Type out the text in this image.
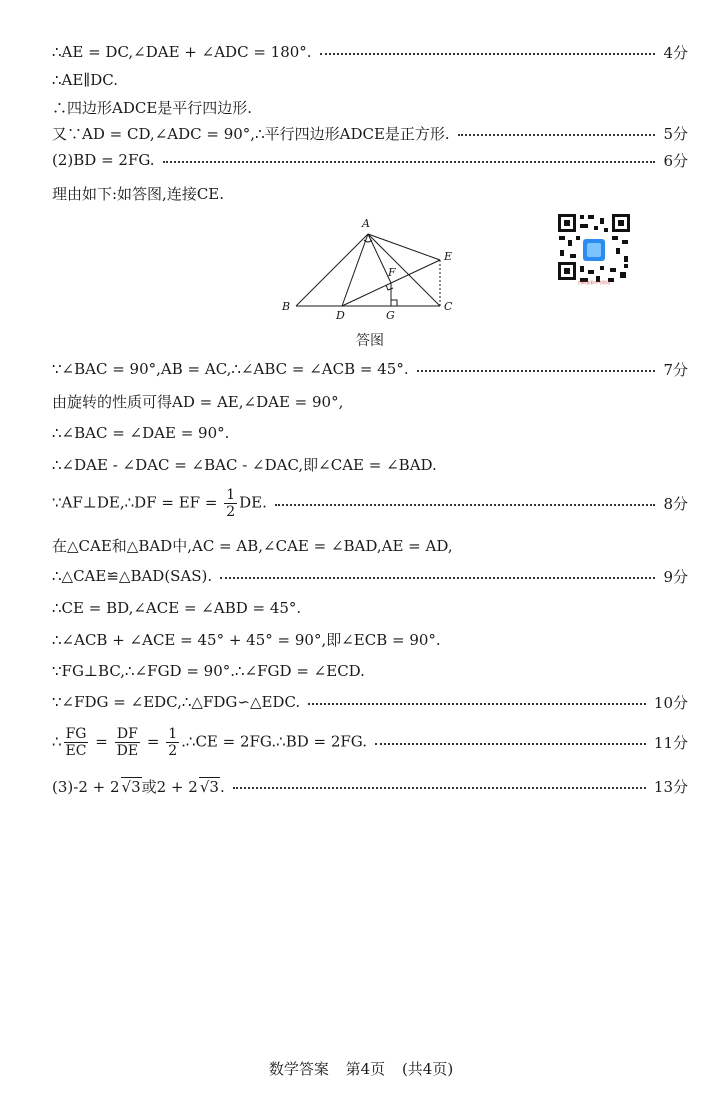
∴AE = DC,∠DAE + ∠ADC = 180°.	4分
∴AE∥DC.
∴四边形ADCE是平行四边形.
又∵AD = CD,∠ADC = 90°,∴平行四边形ADCE是正方形.	5分
(2)BD = 2FG.	6分
理由如下:如答图,连接CE.
A
B	C
D
E
F
G
答图
扫码查看中考资讯
∵∠BAC = 90°,AB = AC,∴∠ABC = ∠ACB = 45°.	7分
由旋转的性质可得AD = AE,∠DAE = 90°,
∴∠BAC = ∠DAE = 90°.
∴∠DAE - ∠DAC = ∠BAC - ∠DAC,即∠CAE = ∠BAD.
∵AF⊥DE,∴DF = EF = $\frac{1}{2}$ DE.	8分
在△CAE和△BAD中,AC = AB,∠CAE = ∠BAD,AE = AD,
∴△CAE≌△BAD(SAS).	9分
∴CE = BD,∠ACE = ∠ABD = 45°.
∴∠ACB + ∠ACE = 45° + 45° = 90°,即∠ECB = 90°.
∵FG⊥BC,∴∠FGD = 90°.∴∠FGD = ∠ECD.
∵∠FDG = ∠EDC,∴△FDG∽△EDC.	10分
∴ $\frac{FG}{EC} = \frac{DF}{DE} = \frac{1}{2}$ .∴CE = 2FG.∴BD = 2FG.	11分
(3)-2 + 2 √3或2 + 2 √3.	13分
数学答案 第4页 (共4页)
